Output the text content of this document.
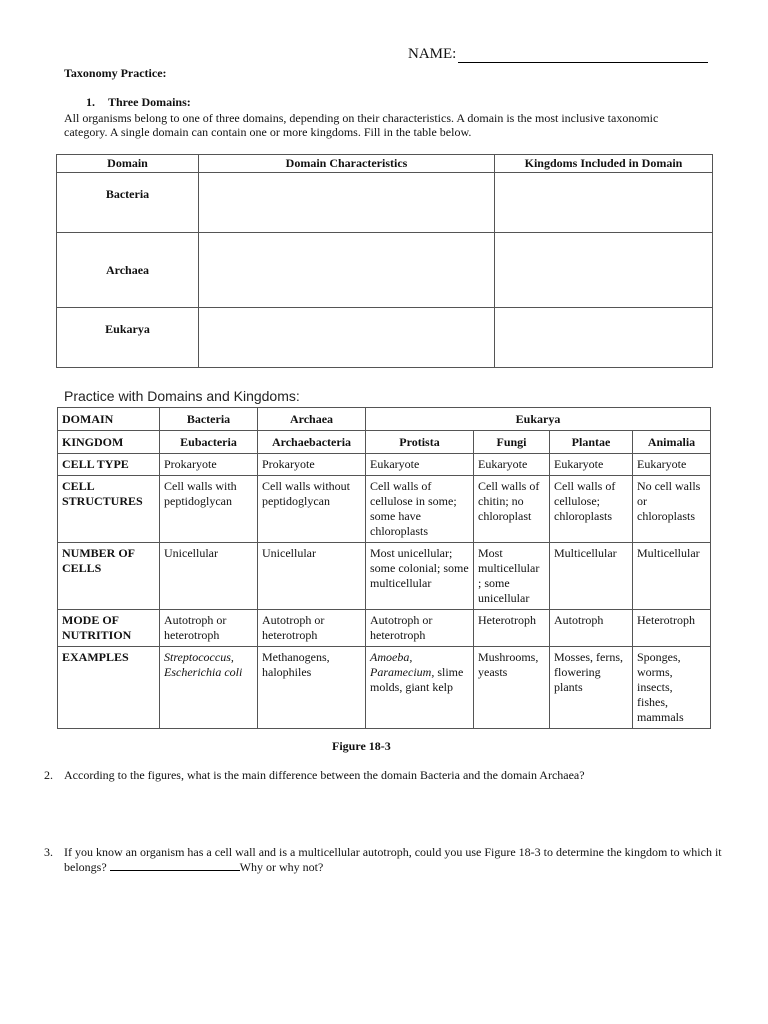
NAME:
Taxonomy Practice:
1. Three Domains:
All organisms belong to one of three domains, depending on their characteristics. A domain is the most inclusive taxonomic category. A single domain can contain one or more kingdoms. Fill in the table below.
Domain	Domain Characteristics	Kingdoms Included in Domain
Bacteria		
Archaea		
Eukarya		
Practice with Domains and Kingdoms:
DOMAIN	Bacteria	Archaea	Eukarya			
KINGDOM	Eubacteria	Archaebacteria	Protista	Fungi	Plantae	Animalia
CELL TYPE	Prokaryote	Prokaryote	Eukaryote	Eukaryote	Eukaryote	Eukaryote
CELL STRUCTURES	Cell walls with peptidoglycan	Cell walls without peptidoglycan	Cell walls of cellulose in some; some have chloroplasts	Cell walls of chitin; no chloroplast	Cell walls of cellulose; chloroplasts	No cell walls or chloroplasts
NUMBER OF CELLS	Unicellular	Unicellular	Most unicellular; some colonial; some multicellular	Most multicellular ; some unicellular	Multicellular	Multicellular
MODE OF NUTRITION	Autotroph or heterotroph	Autotroph or heterotroph	Autotroph or heterotroph	Heterotroph	Autotroph	Heterotroph
EXAMPLES	Streptococcus, Escherichia coli	Methanogens, halophiles	Amoeba, Paramecium, slime molds, giant kelp	Mushrooms, yeasts	Mosses, ferns, flowering plants	Sponges, worms, insects, fishes, mammals
Figure 18-3
2. According to the figures, what is the main difference between the domain Bacteria and the domain Archaea?
3. If you know an organism has a cell wall and is a multicellular autotroph, could you use Figure 18-3 to determine the kingdom to which it belongs?	Why or why not?
